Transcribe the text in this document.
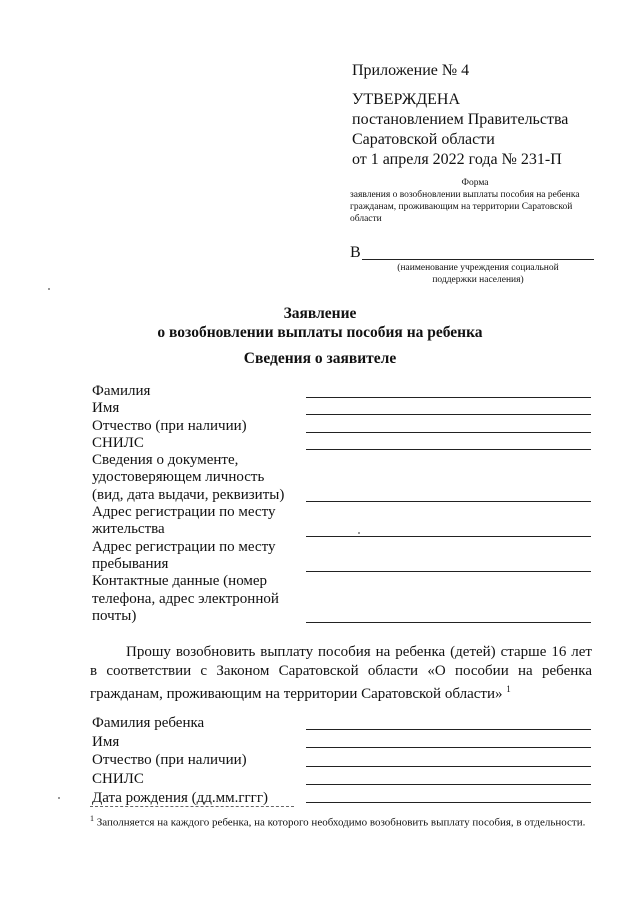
Приложение № 4
УТВЕРЖДЕНА
постановлением Правительства
Саратовской области
от 1 апреля 2022 года № 231-П
Форма
заявления о возобновлении выплаты пособия на ребенка
гражданам, проживающим на территории Саратовской
области
В
(наименование учреждения социальной
поддержки населения)
Заявление
о возобновлении выплаты пособия на ребенка
Сведения о заявителе
Фамилия
Имя
Отчество (при наличии)
СНИЛС
Сведения о документе,
удостоверяющем личность
(вид, дата выдачи, реквизиты)
Адрес регистрации по месту
жительства
Адрес регистрации по месту
пребывания
Контактные данные (номер
телефона, адрес электронной
почты)
Прошу возобновить выплату пособия на ребенка (детей) старше 16 лет в соответствии с Законом Саратовской области «О пособии на ребенка гражданам, проживающим на территории Саратовской области» $^1$
Фамилия ребенка
Имя
Отчество (при наличии)
СНИЛС
Дата рождения (дд.мм.гггг)
$^1$ Заполняется на каждого ребенка, на которого необходимо возобновить выплату пособия, в отдельности.
